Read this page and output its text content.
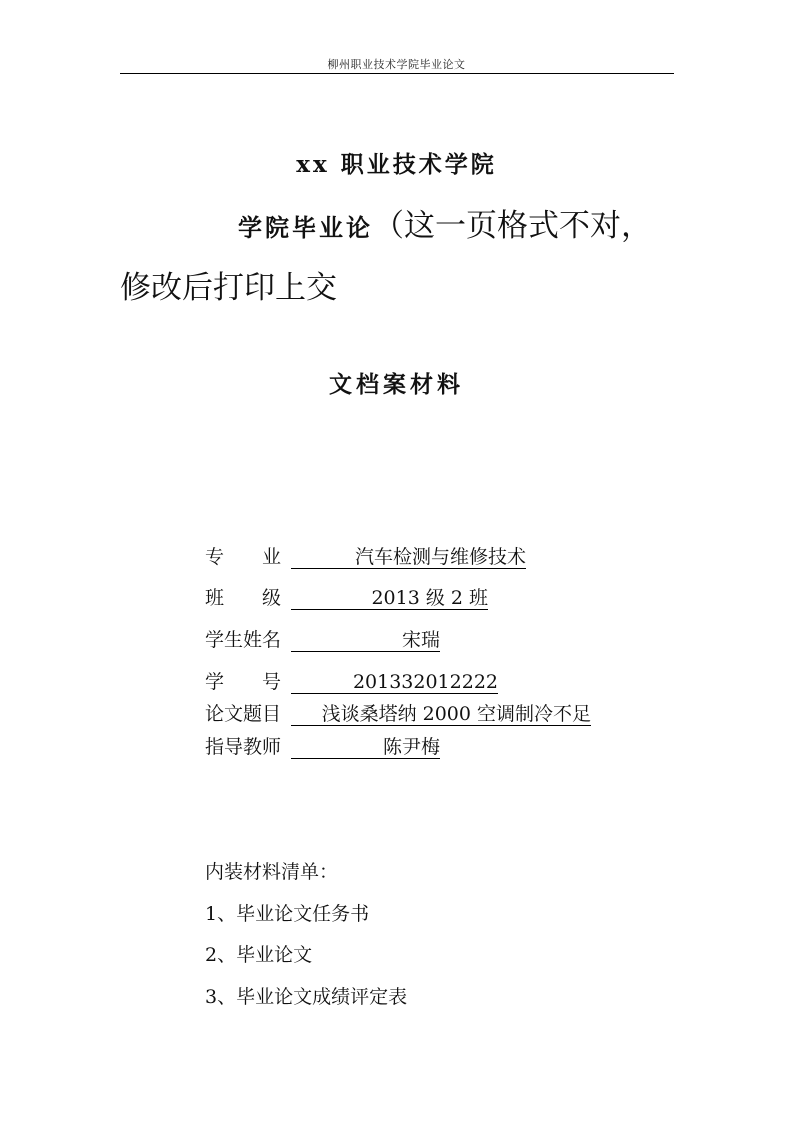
柳州职业技术学院毕业论文
xx 职业技术学院
学院毕业论（这一页格式不对，
修改后打印上交
文档案材料
专　　业	汽车检测与维修技术
班　　级	2013 级 2 班
学生姓名	宋瑞
学　　号	201332012222
论文题目 浅谈桑塔纳 2000 空调制冷不足
指导教师	陈尹梅
内装材料清单：
1、毕业论文任务书
2、毕业论文
3、毕业论文成绩评定表
